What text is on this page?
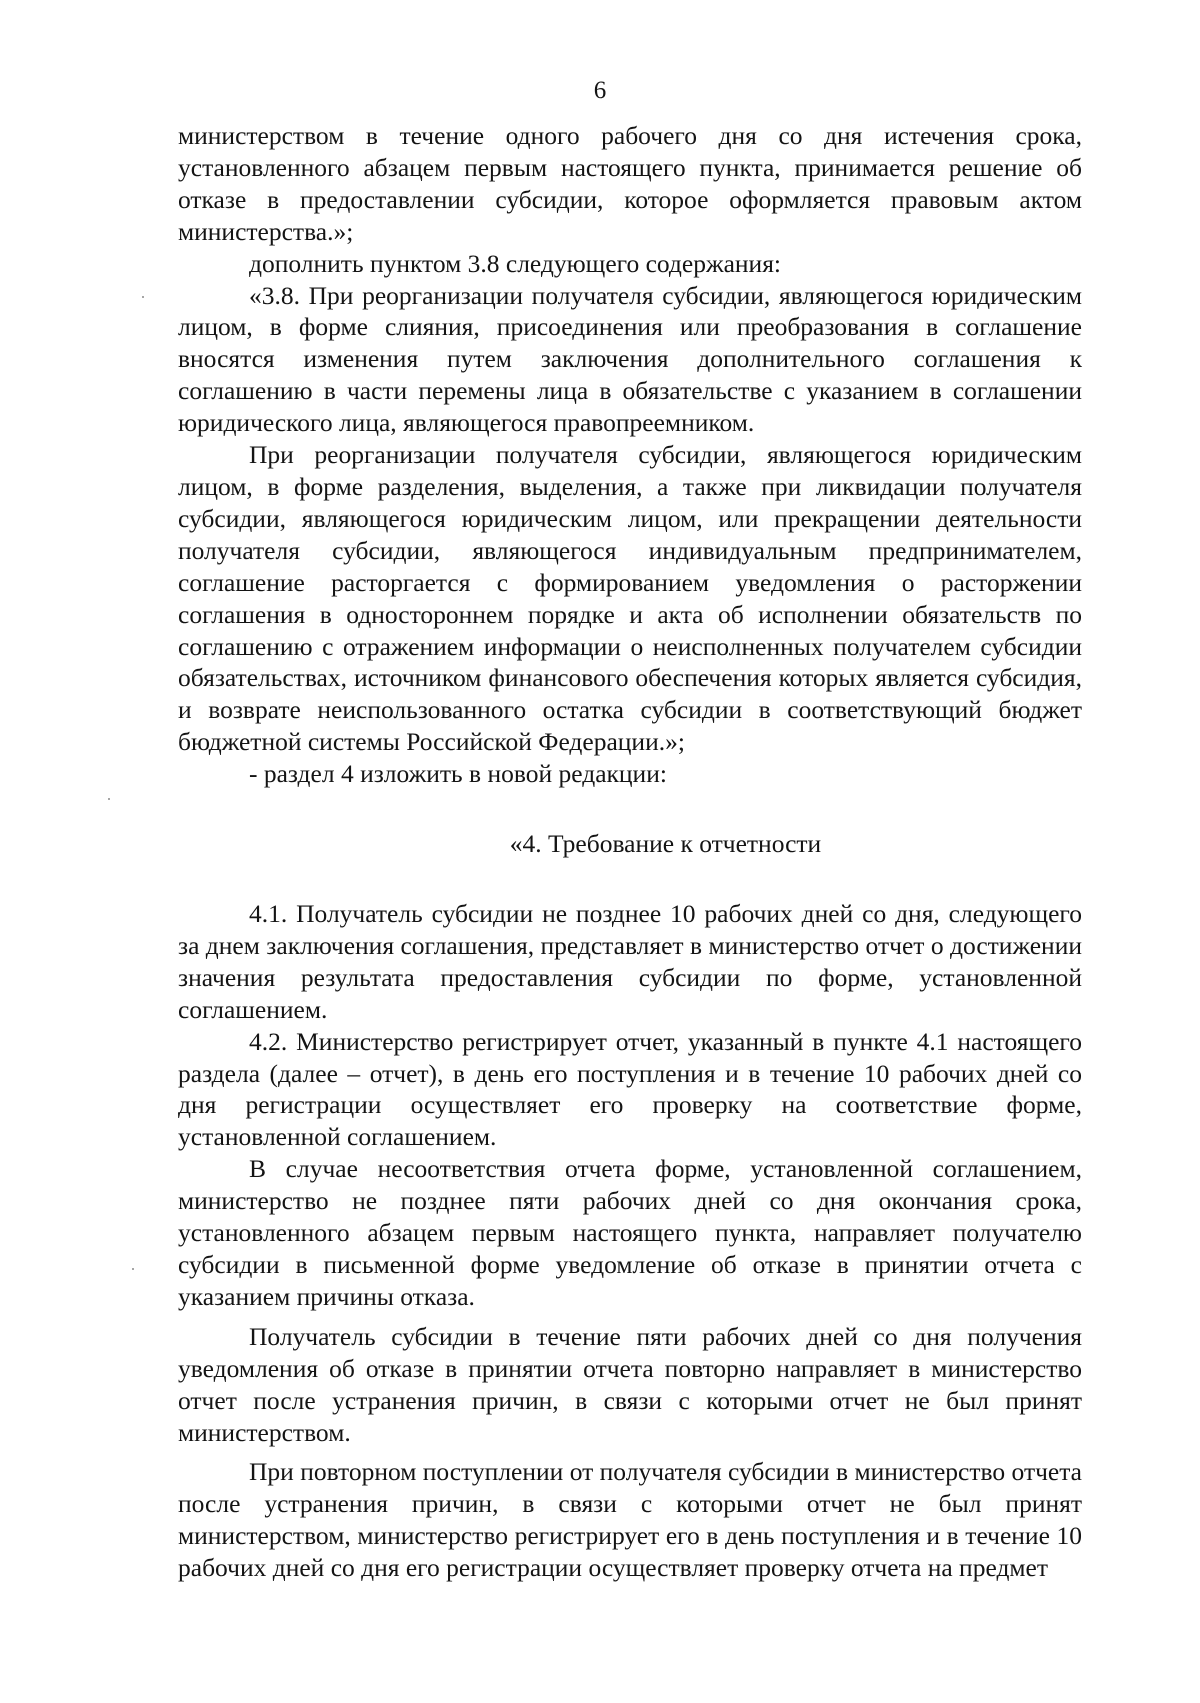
6

министерством в течение одного рабочего дня со дня истечения срока, установленного абзацем первым настоящего пункта, принимается решение об отказе в предоставлении субсидии, которое оформляется правовым актом министерства.»;

дополнить пунктом 3.8 следующего содержания:

«3.8. При реорганизации получателя субсидии, являющегося юридическим лицом, в форме слияния, присоединения или преобразования в соглашение вносятся изменения путем заключения дополнительного соглашения к соглашению в части перемены лица в обязательстве с указанием в соглашении юридического лица, являющегося правопреемником.

При реорганизации получателя субсидии, являющегося юридическим лицом, в форме разделения, выделения, а также при ликвидации получателя субсидии, являющегося юридическим лицом, или прекращении деятельности получателя субсидии, являющегося индивидуальным предпринимателем, соглашение расторгается с формированием уведомления о расторжении соглашения в одностороннем порядке и акта об исполнении обязательств по соглашению с отражением информации о неисполненных получателем субсидии обязательствах, источником финансового обеспечения которых является субсидия, и возврате неиспользованного остатка субсидии в соответствующий бюджет бюджетной системы Российской Федерации.»;

- раздел 4 изложить в новой редакции:

«4. Требование к отчетности

4.1. Получатель субсидии не позднее 10 рабочих дней со дня, следующего за днем заключения соглашения, представляет в министерство отчет о достижении значения результата предоставления субсидии по форме, установленной соглашением.

4.2. Министерство регистрирует отчет, указанный в пункте 4.1 настоящего раздела (далее – отчет), в день его поступления и в течение 10 рабочих дней со дня регистрации осуществляет его проверку на соответствие форме, установленной соглашением.

В случае несоответствия отчета форме, установленной соглашением, министерство не позднее пяти рабочих дней со дня окончания срока, установленного абзацем первым настоящего пункта, направляет получателю субсидии в письменной форме уведомление об отказе в принятии отчета с указанием причины отказа.

Получатель субсидии в течение пяти рабочих дней со дня получения уведомления об отказе в принятии отчета повторно направляет в министерство отчет после устранения причин, в связи с которыми отчет не был принят министерством.

При повторном поступлении от получателя субсидии в министерство отчета после устранения причин, в связи с которыми отчет не был принят министерством, министерство регистрирует его в день поступления и в течение 10 рабочих дней со дня его регистрации осуществляет проверку отчета на предмет
